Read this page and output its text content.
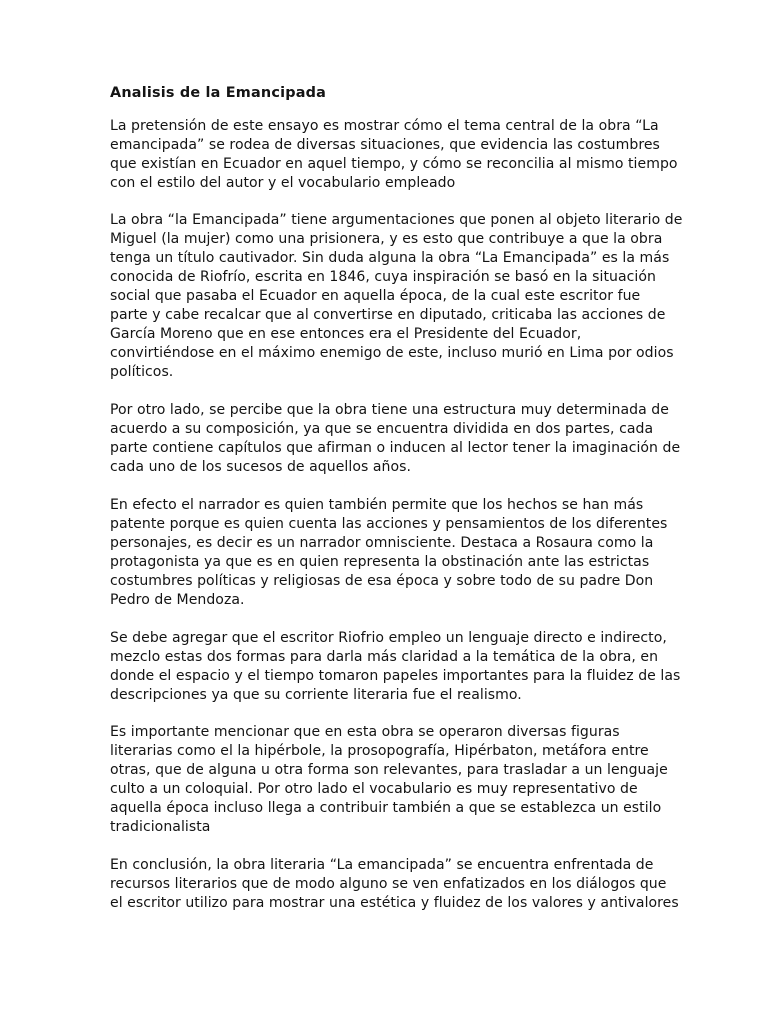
Analisis de la Emancipada

La pretensión de este ensayo es mostrar cómo el tema central de la obra “La
emancipada” se rodea de diversas situaciones, que evidencia las costumbres
que existían en Ecuador en aquel tiempo, y cómo se reconcilia al mismo tiempo
con el estilo del autor y el vocabulario empleado

La obra “la Emancipada” tiene argumentaciones que ponen al objeto literario de
Miguel (la mujer) como una prisionera, y es esto que contribuye a que la obra
tenga un título cautivador. Sin duda alguna la obra “La Emancipada” es la más
conocida de Riofrío, escrita en 1846, cuya inspiración se basó en la situación
social que pasaba el Ecuador en aquella época, de la cual este escritor fue
parte y cabe recalcar que al convertirse en diputado, criticaba las acciones de
García Moreno que en ese entonces era el Presidente del Ecuador,
convirtiéndose en el máximo enemigo de este, incluso murió en Lima por odios
políticos.

Por otro lado, se percibe que la obra tiene una estructura muy determinada de
acuerdo a su composición, ya que se encuentra dividida en dos partes, cada
parte contiene capítulos que afirman o inducen al lector tener la imaginación de
cada uno de los sucesos de aquellos años.

En efecto el narrador es quien también permite que los hechos se han más
patente porque es quien cuenta las acciones y pensamientos de los diferentes
personajes, es decir es un narrador omnisciente. Destaca a Rosaura como la
protagonista ya que es en quien representa la obstinación ante las estrictas
costumbres políticas y religiosas de esa época y sobre todo de su padre Don
Pedro de Mendoza.

Se debe agregar que el escritor Riofrio empleo un lenguaje directo e indirecto,
mezclo estas dos formas para darla más claridad a la temática de la obra, en
donde el espacio y el tiempo tomaron papeles importantes para la fluidez de las
descripciones ya que su corriente literaria fue el realismo.

Es importante mencionar que en esta obra se operaron diversas figuras
literarias como el la hipérbole, la prosopografía, Hipérbaton, metáfora entre
otras, que de alguna u otra forma son relevantes, para trasladar a un lenguaje
culto a un coloquial. Por otro lado el vocabulario es muy representativo de
aquella época incluso llega a contribuir también a que se establezca un estilo
tradicionalista

En conclusión, la obra literaria “La emancipada” se encuentra enfrentada de
recursos literarios que de modo alguno se ven enfatizados en los diálogos que
el escritor utilizo para mostrar una estética y fluidez de los valores y antivalores
